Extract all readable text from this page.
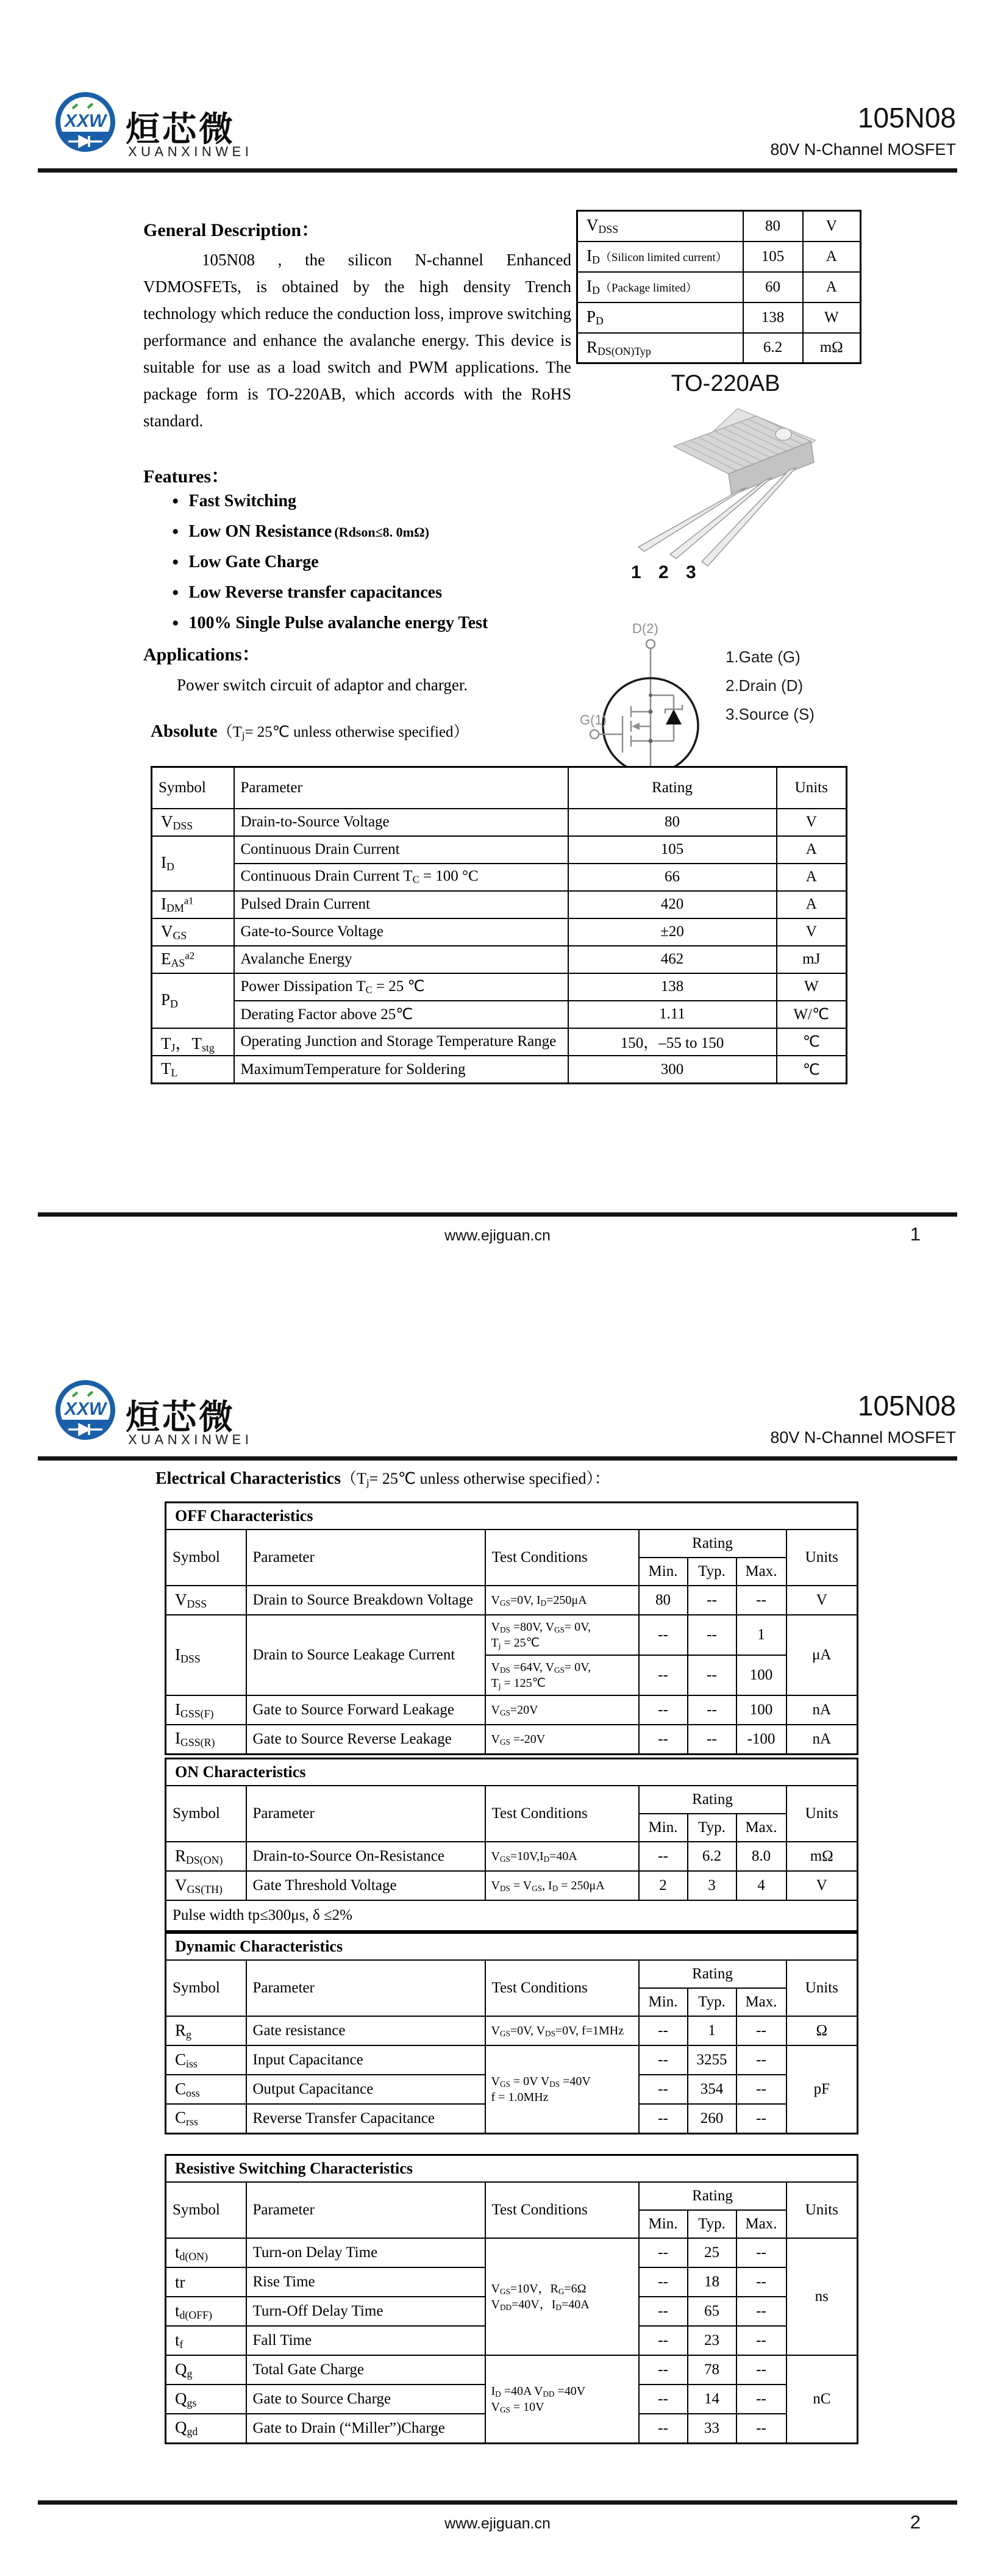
XXW 烜芯微
XUANXINWEI
105N08
80V N-Channel MOSFET
General Description：
105N08 , the silicon N-channel Enhanced VDMOSFETs, is obtained by the high density Trench technology which reduce the conduction loss, improve switching performance and enhance the avalanche energy. This device is suitable for use as a load switch and PWM applications. The package form is TO-220AB, which accords with the RoHS standard.
$V_{DSS}$	80	V
$I_D(Silicon$ limited current）	105	A
$I_D(Package$ limited）	60	A
$P_D$	138	W
$R_{DS(ON)Typ}$	6.2	mΩ
TO-220AB
1 2 3
Features：
● Fast Switching
● Low ON Resistance (Rdson≤8. 0mΩ)
● Low Gate Charge
● Low Reverse transfer capacitances
● 100% Single Pulse avalanche energy Test
Applications：
Power switch circuit of adaptor and charger.
D(2)
G(1)
1.Gate (G)
2.Drain (D)
3.Source (S)
$Absolute(T_j=$ 25℃ unless otherwise specified）
Symbol	Parameter	Rating	Units
$V_{DSS}$	Drain-to-Source Voltage	80	V
$I_D$	Continuous Drain Current	105	A
	Continuous Drain Current $T_C = 100$ °C	66	A
$I_{DM}^{a1}$	Pulsed Drain Current	420	A
$V_{GS}$	Gate-to-Source Voltage	±20	V
$E_{AS}^{a2}$	Avalanche Energy	462	mJ
$P_D$	Power Dissipation $T_C = 25$ ℃	138	W
	Derating Factor above 25℃	1.11	W/℃
$T_J$，$T_{stg}$	Operating Junction and Storage Temperature Range	150，–55 to 150	℃
$T_L$	MaximumTemperature for Soldering	300	℃
www.ejiguan.cn	1
XXW 烜芯微
XUANXINWEI
105N08
80V N-Channel MOSFET
Electrical $Characteristics(T_j=$ 25℃ unless otherwise specified）：
OFF Characteristics						
Symbol	Parameter	Test Conditions	Rating			Units
			Min.	Typ.	Max.	
$V_{DSS}$	Drain to Source Breakdown Voltage	$V_{GS}=0V$, $I_D=250\mu A$	80	--	--	V
$I_{DSS}$	Drain to Source Leakage Current	$V_{DS} =80V$, $V_{GS}= 0V$,
$T_j$ = 25℃	--	--	1	μA
		$V_{DS} =64V$, $V_{GS}= 0V$,
$T_j$ = 125℃	--	--	100	
$I_{GSS(F)}$	Gate to Source Forward Leakage	$V_{GS}=20V$	--	--	100	nA
$I_{GSS(R)}$	Gate to Source Reverse Leakage	$V_{GS} =-20V$	--	--	-100	nA
ON Characteristics						
Symbol	Parameter	Test Conditions	Rating			Units
			Min.	Typ.	Max.	
$R_{DS(ON)}$	Drain-to-Source On-Resistance	$V_{GS}=10V,I_D=40A$	--	6.2	8.0	mΩ
$V_{GS(TH)}$	Gate Threshold Voltage	$V_{DS} = V_{GS}$, $I_D = 250\mu A$	2	3	4	V
Pulse width tp≤300μs, δ ≤2%						
Dynamic Characteristics						
Symbol	Parameter	Test Conditions	Rating			Units
			Min.	Typ.	Max.	
$R_g$	Gate resistance	$V_{GS}=0V$, $V_{DS}=0V$, f=1MHz	--	1	--	Ω
$C_{iss}$	Input Capacitance	$V_{GS} = 0V$ $V_{DS} =40V$
f = 1.0MHz	--	3255	--	pF
$C_{oss}$	Output Capacitance		--	354	--	
$C_{rss}$	Reverse Transfer Capacitance		--	260	--	
Resistive Switching Characteristics						
Symbol	Parameter	Test Conditions	Rating			Units
			Min.	Typ.	Max.	
$t_{d(ON)}$	Turn-on Delay Time	$V_{GS}=10V$，$R_G=6\Omega$
$V_{DD}=40V$，$I_D=40A$	--	25	--	ns
tr	Rise Time		--	18	--	
$t_{d(OFF)}$	Turn-Off Delay Time		--	65	--	
$t_f$	Fall Time		--	23	--	
$Q_g$	Total Gate Charge	$I_D =40A$ $V_{DD} =40V$
$V_{GS} = 10V$	--	78	--	nC
$Q_{gs}$	Gate to Source Charge		--	14	--	
$Q_{gd}$	Gate to Drain (“Miller”)Charge		--	33	--	
www.ejiguan.cn	2
